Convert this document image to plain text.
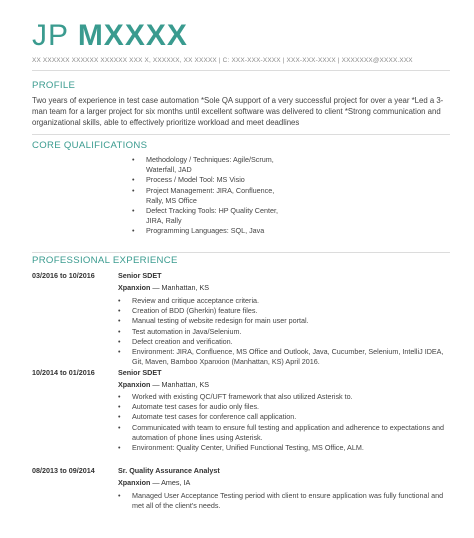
JP MXXXX
XX XXXXXX XXXXXX XXXXXX XXX X, XXXXXX, XX XXXXX | C: XXX-XXX-XXXX | XXX-XXX-XXXX | XXXXXXX@XXXX.XXX
PROFILE
Two years of experience in test case automation *Sole QA support of a very successful project for over a year *Led a 3-man team for a larger project for six months until excellent software was delivered to client *Strong communication and organizational skills, able to effectively prioritize workload and meet deadlines
CORE QUALIFICATIONS
• Methodology / Techniques: Agile/Scrum, Waterfall, JAD
• Process / Model Tool: MS Visio
• Project Management: JIRA, Confluence, Rally, MS Office
• Defect Tracking Tools: HP Quality Center, JIRA, Rally
• Programming Languages: SQL, Java
PROFESSIONAL EXPERIENCE
03/2016 to 10/2016	Senior SDET
Xpanxion — Manhattan, KS
• Review and critique acceptance criteria.
• Creation of BDD (Gherkin) feature files.
• Manual testing of website redesign for main user portal.
• Test automation in Java/Selenium.
• Defect creation and verification.
• Environment: JIRA, Confluence, MS Office and Outlook, Java, Cucumber, Selenium, IntelliJ IDEA, Git, Maven, Bamboo Xpanxion (Manhattan, KS) April 2016.
10/2014 to 01/2016	Senior SDET
Xpanxion — Manhattan, KS
• Worked with existing QC/UFT framework that also utilized Asterisk to.
• Automate test cases for audio only files.
• Automate test cases for conference call application.
• Communicated with team to ensure full testing and application and adherence to expectations and automation of phone lines using Asterisk.
• Environment: Quality Center, Unified Functional Testing, MS Office, ALM.
08/2013 to 09/2014	Sr. Quality Assurance Analyst
Xpanxion — Ames, IA
• Managed User Acceptance Testing period with client to ensure application was fully functional and met all of the client's needs.
